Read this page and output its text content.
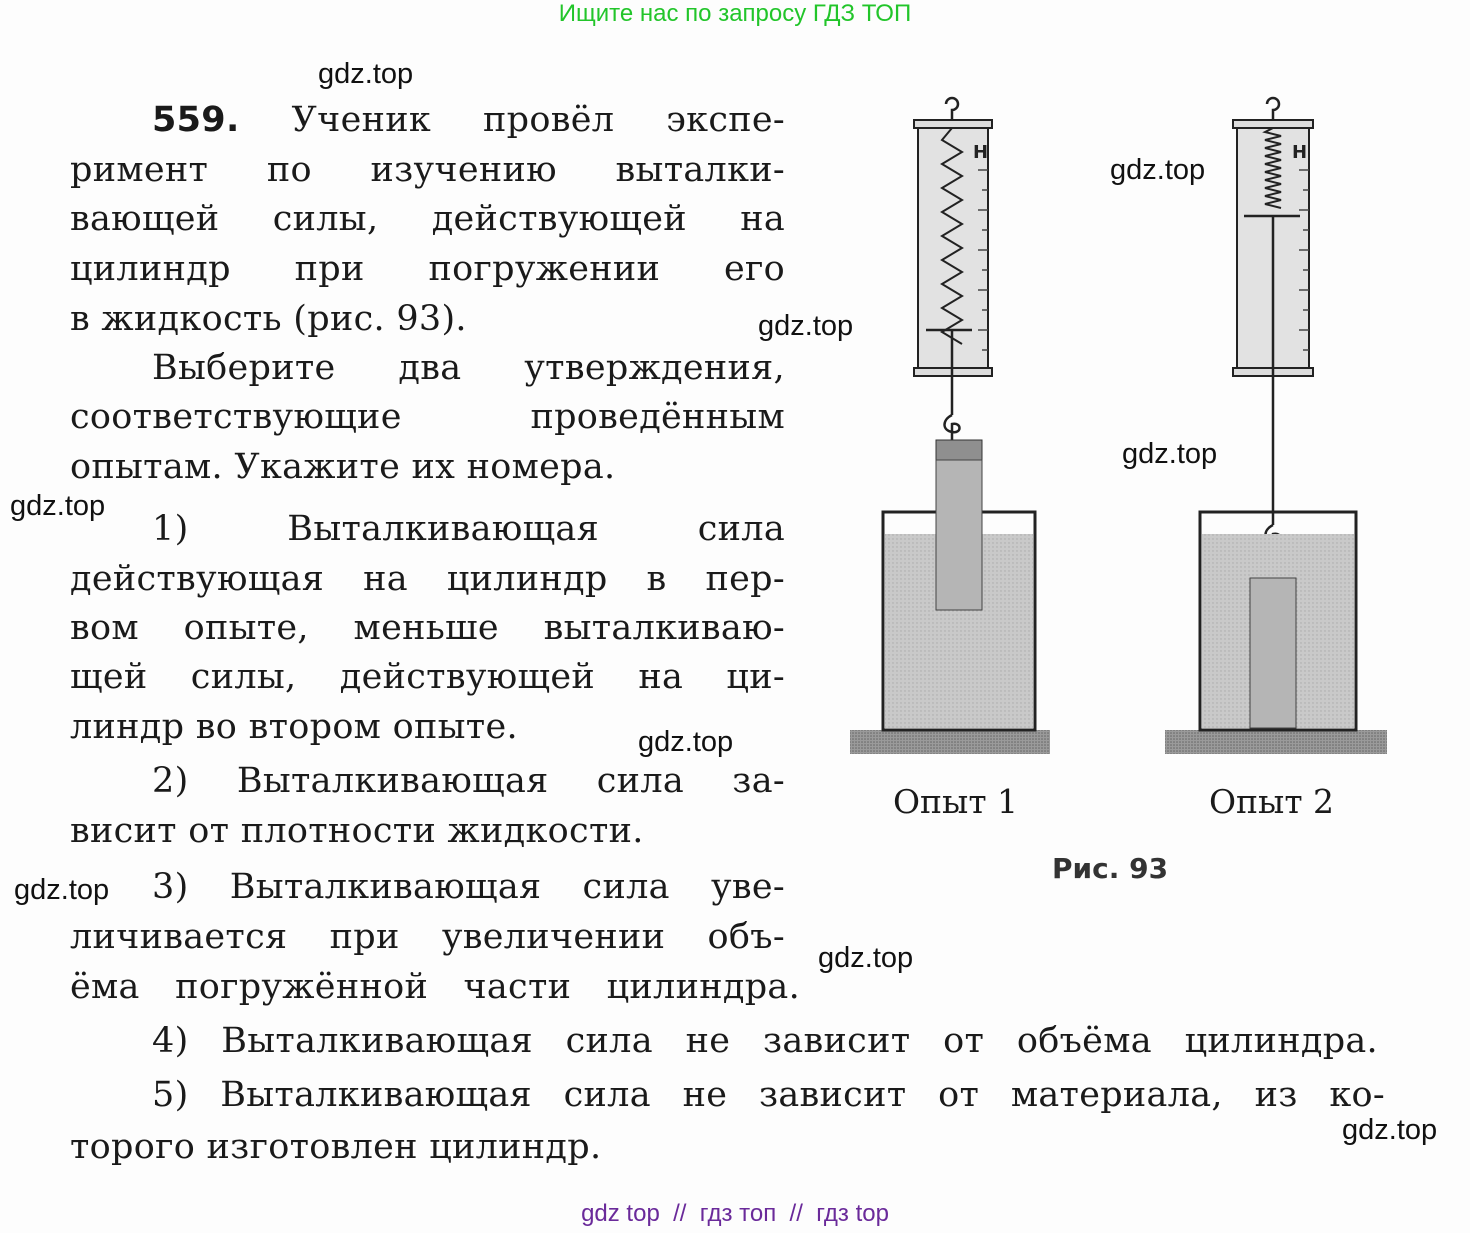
Ищите нас по запросу ГДЗ ТОП
559. Ученик провёл экспе-
римент по изучению выталки-
вающей силы, действующей на
цилиндр при погружении его
в жидкость (рис. 93).
Выберите два утверждения,
соответствующие проведённым
опытам. Укажите их номера.
1) Выталкивающая сила
действующая на цилиндр в пер-
вом опыте, меньше выталкиваю-
щей силы, действующей на ци-
линдр во втором опыте.
2) Выталкивающая сила за-
висит от плотности жидкости.
3) Выталкивающая сила уве-
личивается при увеличении объ-
ёма погружённой части цилиндра.
4) Выталкивающая сила не зависит от объёма цилиндра.
5) Выталкивающая сила не зависит от материала, из ко-
торого изготовлен цилиндр.
Н	Н
Опыт 1	Опыт 2
Рис. 93
gdz.top
gdz.top
gdz.top
gdz.top
gdz.top
gdz.top
gdz.top
gdz.top
gdz.top
gdz top  //  гдз топ  //  гдз top
